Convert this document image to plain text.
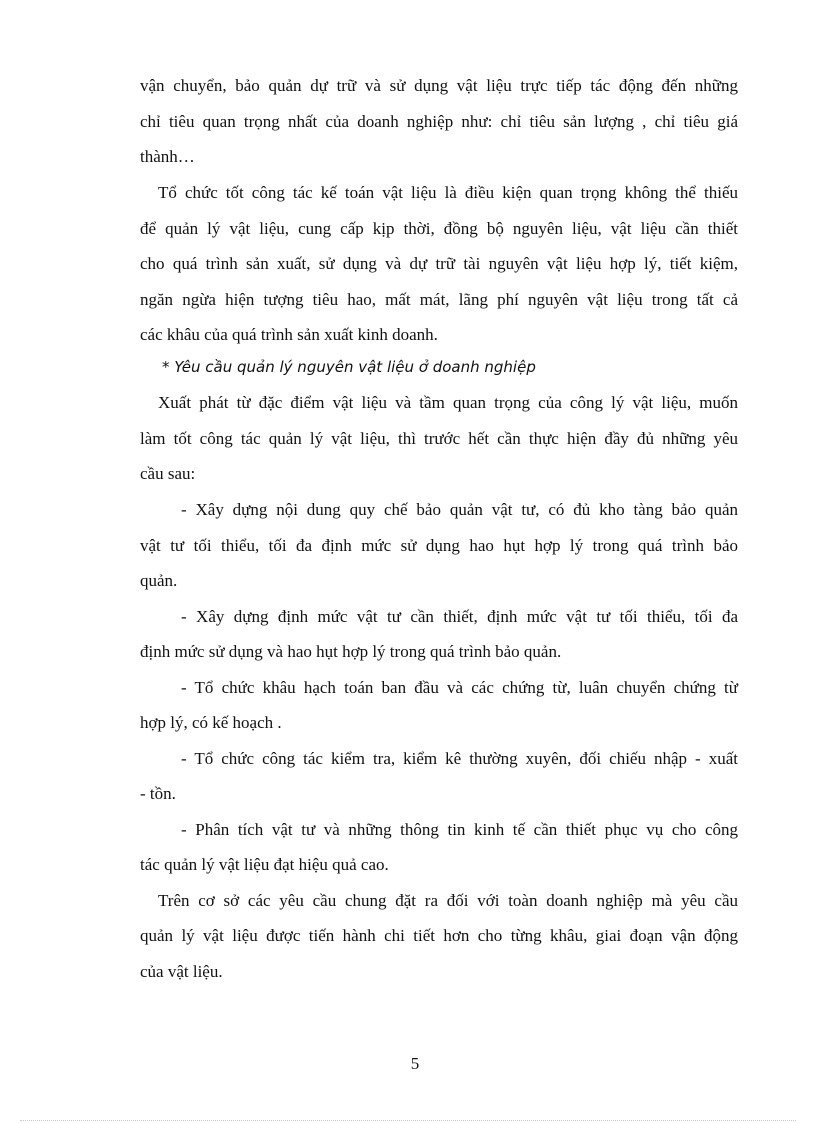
vận chuyển, bảo quản dự trữ và sử dụng vật liệu trực tiếp tác động đến những
chỉ tiêu quan trọng nhất của doanh nghiệp như: chỉ tiêu sản lượng , chỉ tiêu giá
thành…
Tổ chức tốt công tác kế toán vật liệu là điều kiện quan trọng không thể thiếu
để quản lý vật liệu, cung cấp kịp thời, đồng bộ nguyên liệu, vật liệu cần thiết
cho quá trình sản xuất, sử dụng và dự trữ tài nguyên vật liệu hợp lý, tiết kiệm,
ngăn ngừa hiện tượng tiêu hao, mất mát, lãng phí nguyên vật liệu trong tất cả
các khâu của quá trình sản xuất kinh doanh.
* Yêu cầu quản lý nguyên vật liệu ở doanh nghiệp
Xuất phát từ đặc điểm vật liệu và tầm quan trọng của công lý vật liệu, muốn
làm tốt công tác quản lý vật liệu, thì trước hết cần thực hiện đầy đủ những yêu
cầu sau:
- Xây dựng nội dung quy chế bảo quản vật tư, có đủ kho tàng bảo quản
vật tư tối thiểu, tối đa định mức sử dụng hao hụt hợp lý trong quá trình bảo
quản.
- Xây dựng định mức vật tư cần thiết, định mức vật tư tối thiểu, tối đa
định mức sử dụng và hao hụt hợp lý trong quá trình bảo quản.
- Tổ chức khâu hạch toán ban đầu và các chứng từ, luân chuyển chứng từ
hợp lý, có kế hoạch .
- Tổ chức công tác kiểm tra, kiểm kê thường xuyên, đối chiếu nhập - xuất
- tồn.
- Phân tích vật tư và những thông tin kinh tế cần thiết phục vụ cho công
tác quản lý vật liệu đạt hiệu quả cao.
Trên cơ sở các yêu cầu chung đặt ra đối với toàn doanh nghiệp mà yêu cầu
quản lý vật liệu được tiến hành chi tiết hơn cho từng khâu, giai đoạn vận động
của vật liệu.
5
